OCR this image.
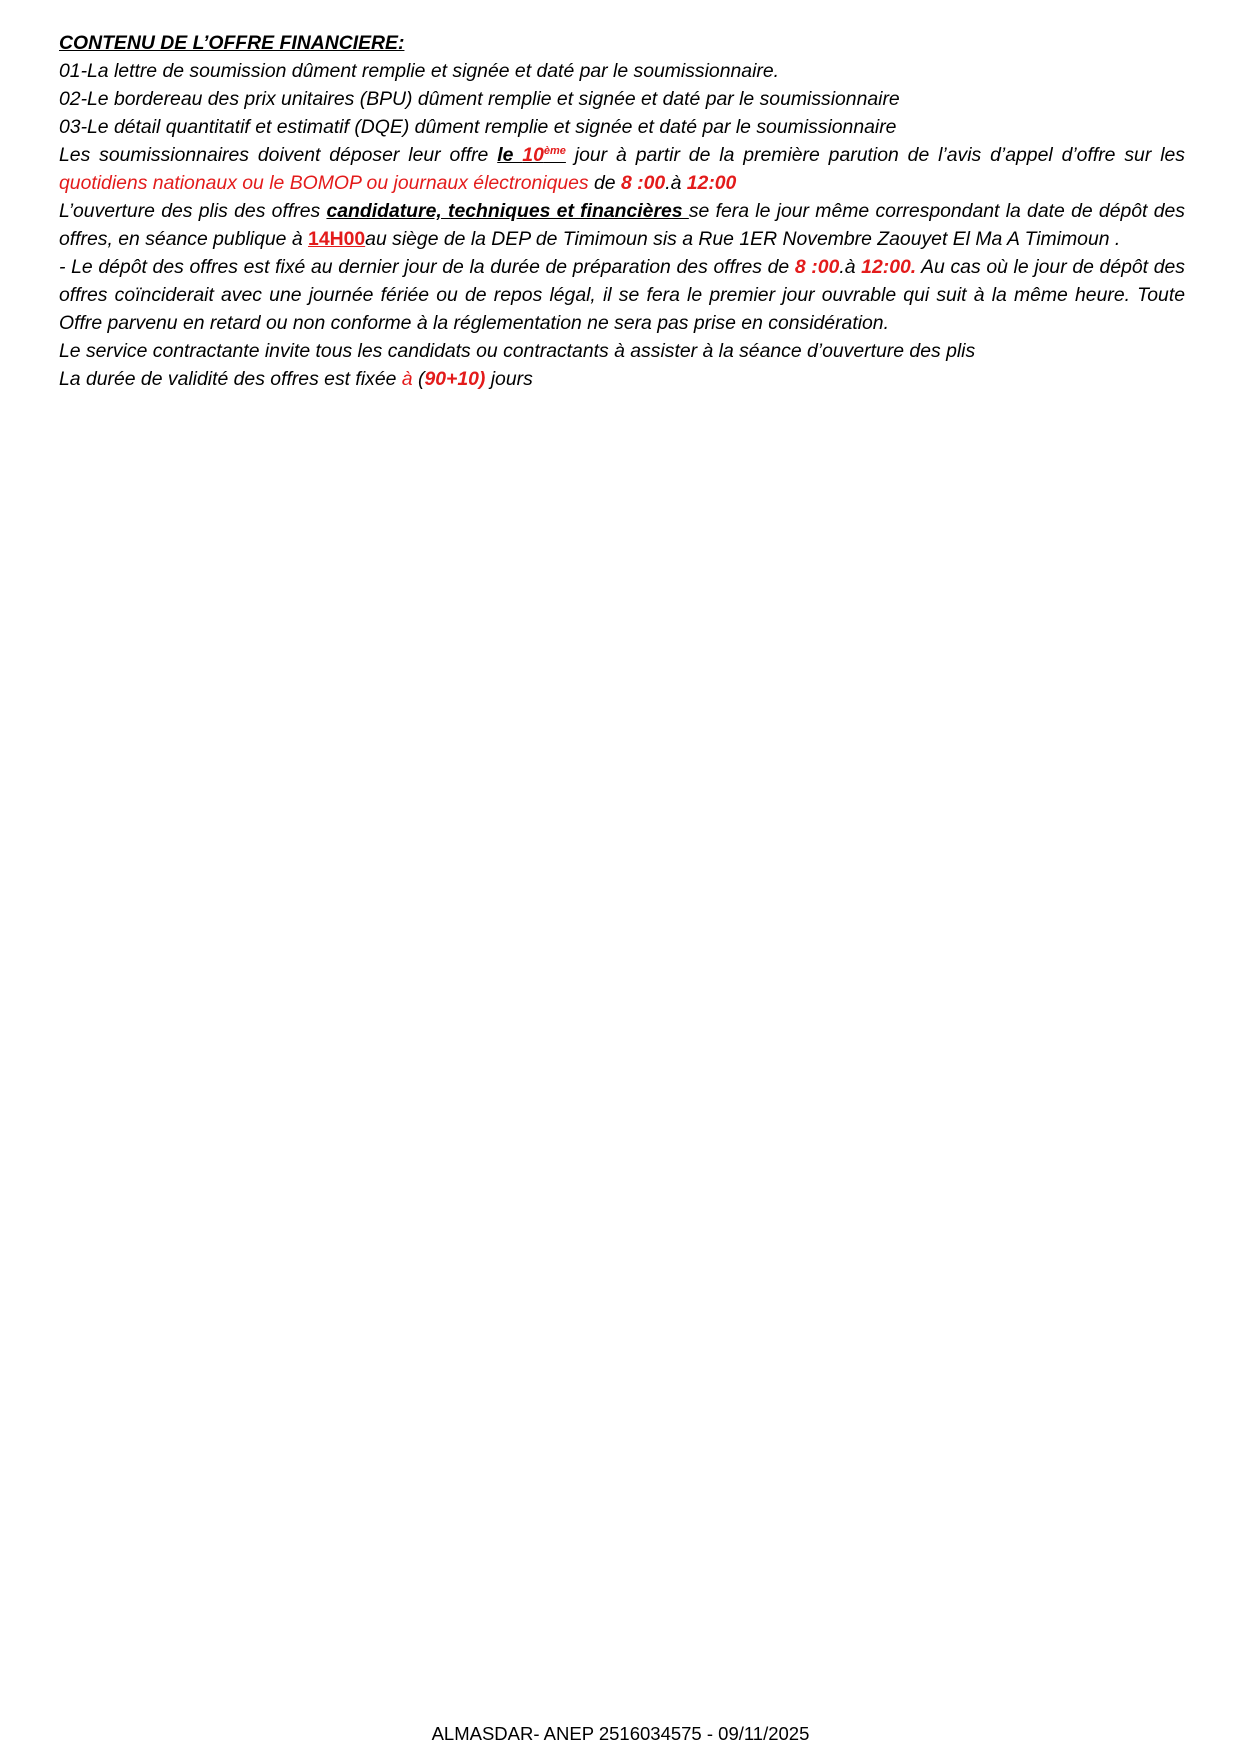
CONTENU DE L’OFFRE FINANCIERE:
01-La lettre de soumission dûment remplie et signée et daté par le soumissionnaire.
02-Le bordereau des prix unitaires (BPU) dûment remplie et signée et daté par le soumissionnaire
03-Le détail quantitatif et estimatif (DQE) dûment remplie et signée et daté par le soumissionnaire
Les soumissionnaires doivent déposer leur offre le 10ème jour à partir de la première parution de l’avis d’appel d’offre sur les quotidiens nationaux ou le BOMOP ou journaux électroniques de 8 :00.à 12:00
L’ouverture des plis des offres candidature, techniques et financières se fera le jour même correspondant la date de dépôt des offres, en séance publique à 14H00au siège de la DEP de Timimoun sis a Rue 1ER Novembre Zaouyet El Ma A Timimoun .
- Le dépôt des offres est fixé au dernier jour de la durée de préparation des offres de 8 :00.à 12:00. Au cas où le jour de dépôt des offres coïnciderait avec une journée fériée ou de repos légal, il se fera le premier jour ouvrable qui suit à la même heure. Toute Offre parvenu en retard ou non conforme à la réglementation ne sera pas prise en considération.
Le service contractante invite tous les candidats ou contractants à assister à la séance d’ouverture des plis
La durée de validité des offres est fixée à (90+10) jours
ALMASDAR- ANEP 2516034575 - 09/11/2025
